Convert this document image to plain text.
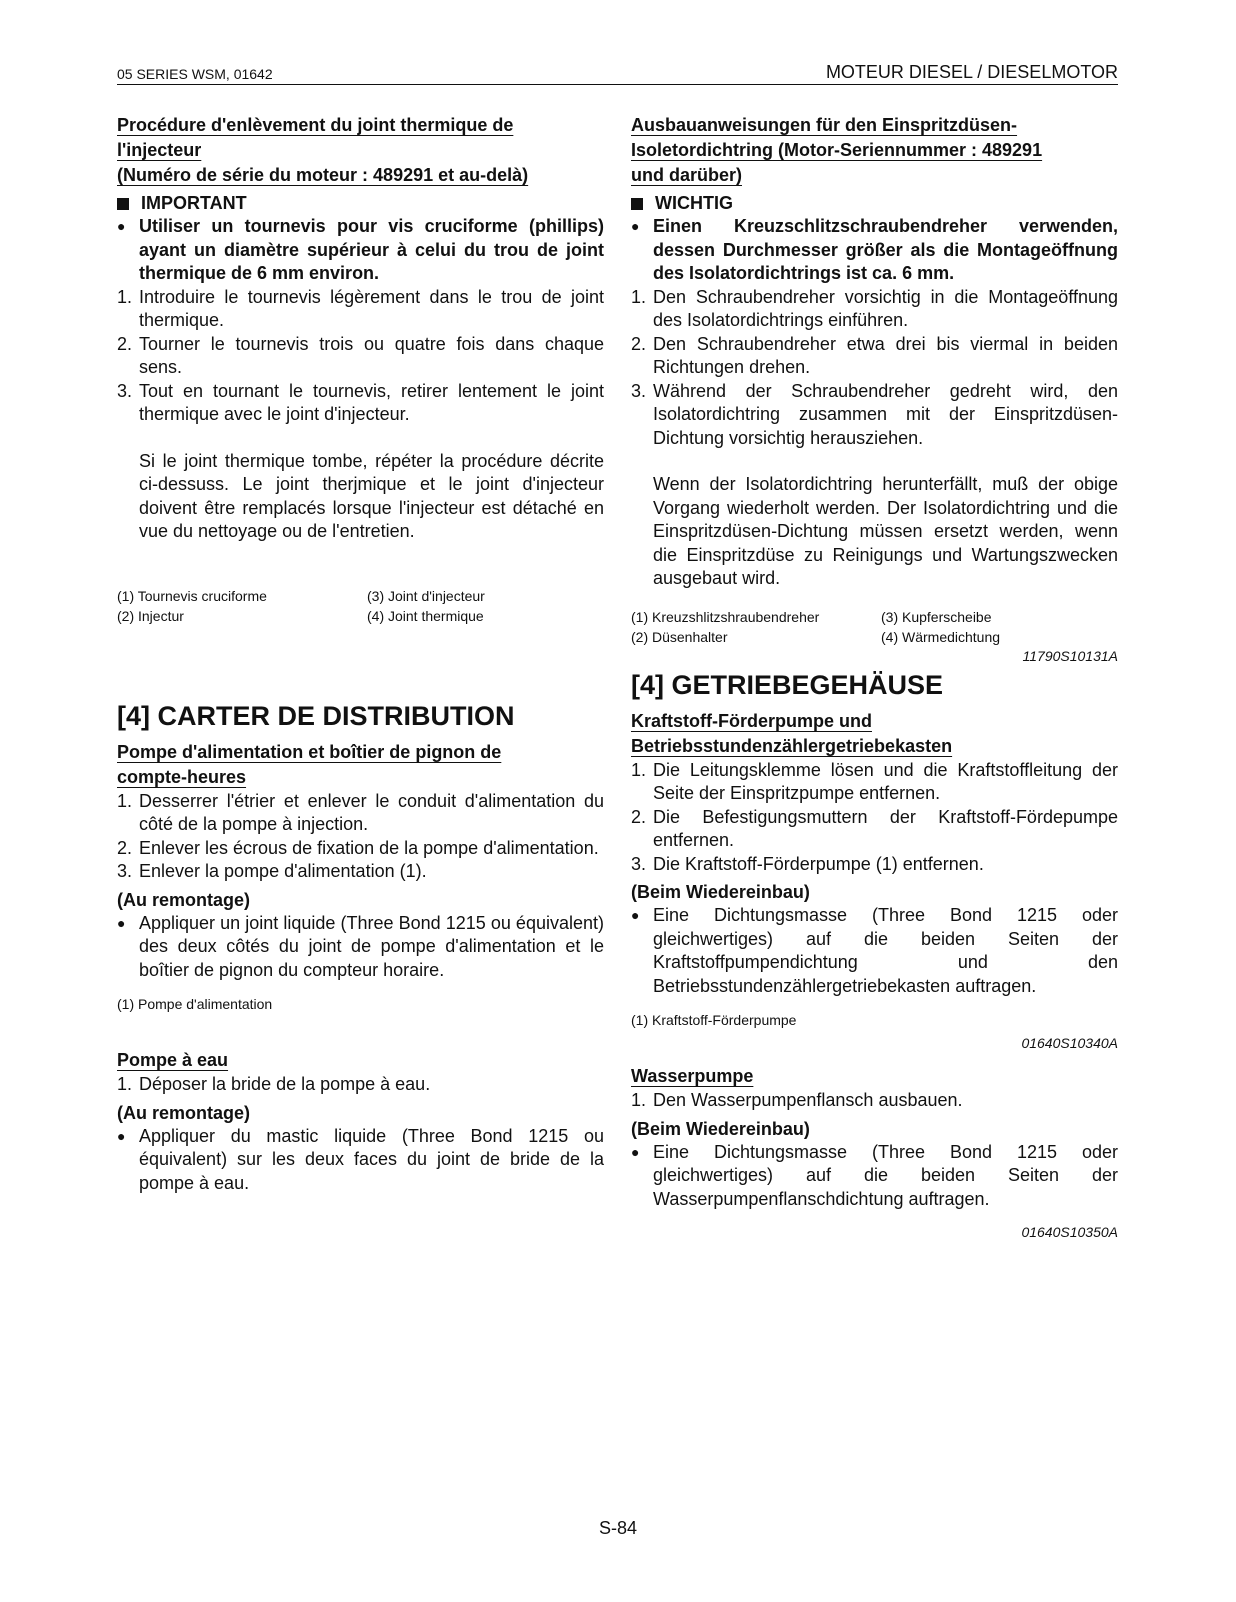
05 SERIES WSM, 01642	MOTEUR DIESEL / DIESELMOTOR
Procédure d'enlèvement du joint thermique de
l'injecteur
(Numéro de série du moteur : 489291 et au-delà)
IMPORTANT
● Utiliser un tournevis pour vis cruciforme (phillips) ayant un diamètre supérieur à celui du trou de joint thermique de 6 mm environ.
1. Introduire le tournevis légèrement dans le trou de joint thermique.
2. Tourner le tournevis trois ou quatre fois dans chaque sens.
3. Tout en tournant le tournevis, retirer lentement le joint thermique avec le joint d'injecteur.
Si le joint thermique tombe, répéter la procédure décrite ci-dessuss. Le joint therjmique et le joint d'injecteur doivent être remplacés lorsque l'injecteur est détaché en vue du nettoyage ou de l'entretien.
(1) Tournevis cruciforme	(3) Joint d'injecteur
(2) Injectur	(4) Joint thermique
[4] CARTER DE DISTRIBUTION
Pompe d'alimentation et boîtier de pignon de
compte-heures
1. Desserrer l'étrier et enlever le conduit d'alimentation du côté de la pompe à injection.
2. Enlever les écrous de fixation de la pompe d'alimentation.
3. Enlever la pompe d'alimentation (1).
(Au remontage)
● Appliquer un joint liquide (Three Bond 1215 ou équivalent) des deux côtés du joint de pompe d'alimentation et le boîtier de pignon du compteur horaire.
(1) Pompe d'alimentation
Pompe à eau
1. Déposer la bride de la pompe à eau.
(Au remontage)
● Appliquer du mastic liquide (Three Bond 1215 ou équivalent) sur les deux faces du joint de bride de la pompe à eau.
Ausbauanweisungen für den Einspritzdüsen-
Isoletordichtring (Motor-Seriennummer : 489291
und darüber)
WICHTIG
● Einen Kreuzschlitzschraubendreher verwenden, dessen Durchmesser größer als die Montageöffnung des Isolatordichtrings ist ca. 6 mm.
1. Den Schraubendreher vorsichtig in die Montageöffnung des Isolatordichtrings einführen.
2. Den Schraubendreher etwa drei bis viermal in beiden Richtungen drehen.
3. Während der Schraubendreher gedreht wird, den Isolatordichtring zusammen mit der Einspritzdüsen-Dichtung vorsichtig herausziehen.
Wenn der Isolatordichtring herunterfällt, muß der obige Vorgang wiederholt werden. Der Isolatordichtring und die Einspritzdüsen-Dichtung müssen ersetzt werden, wenn die Einspritzdüse zu Reinigungs und Wartungszwecken ausgebaut wird.
(1) Kreuzshlitzshraubendreher	(3) Kupferscheibe
(2) Düsenhalter	(4) Wärmedichtung
11790S10131A
[4] GETRIEBEGEHÄUSE
Kraftstoff-Förderpumpe und
Betriebsstundenzählergetriebekasten
1. Die Leitungsklemme lösen und die Kraftstoffleitung der Seite der Einspritzpumpe entfernen.
2. Die Befestigungsmuttern der Kraftstoff-Fördepumpe entfernen.
3. Die Kraftstoff-Förderpumpe (1) entfernen.
(Beim Wiedereinbau)
● Eine Dichtungsmasse (Three Bond 1215 oder gleichwertiges) auf die beiden Seiten der Kraftstoffpumpendichtung und den Betriebsstundenzählergetriebekasten auftragen.
(1) Kraftstoff-Förderpumpe
01640S10340A
Wasserpumpe
1. Den Wasserpumpenflansch ausbauen.
(Beim Wiedereinbau)
● Eine Dichtungsmasse (Three Bond 1215 oder gleichwertiges) auf die beiden Seiten der Wasserpumpenflanschdichtung auftragen.
01640S10350A
S-84
